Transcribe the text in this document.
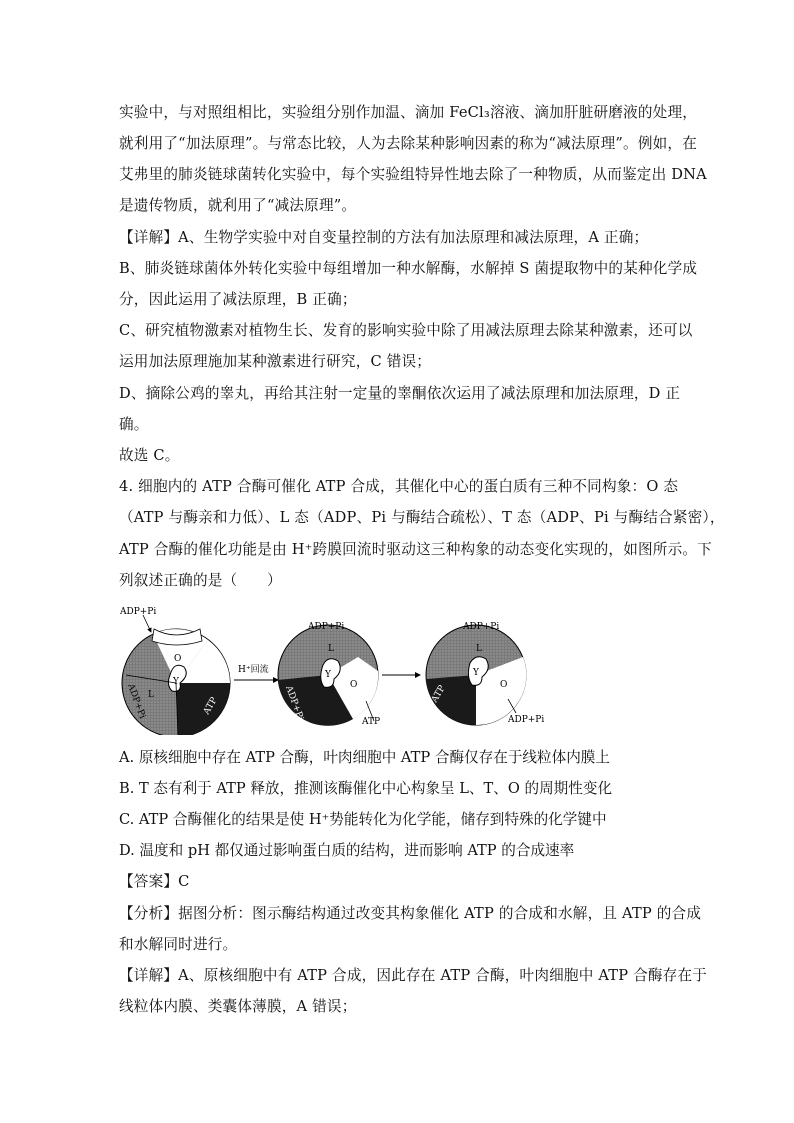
实验中，与对照组相比，实验组分别作加温、滴加 FeCl₃溶液、滴加肝脏研磨液的处理，
就利用了“加法原理”。与常态比较，人为去除某种影响因素的称为“减法原理”。例如，在
艾弗里的肺炎链球菌转化实验中，每个实验组特异性地去除了一种物质，从而鉴定出 DNA
是遗传物质，就利用了“减法原理”。
【详解】A、生物学实验中对自变量控制的方法有加法原理和减法原理，A 正确；
B、肺炎链球菌体外转化实验中每组增加一种水解酶，水解掉 S 菌提取物中的某种化学成
分，因此运用了减法原理，B 正确；
C、研究植物激素对植物生长、发育的影响实验中除了用减法原理去除某种激素，还可以
运用加法原理施加某种激素进行研究，C 错误；
D、摘除公鸡的睾丸，再给其注射一定量的睾酮依次运用了减法原理和加法原理，D 正
确。
故选 C。
4. 细胞内的 ATP 合酶可催化 ATP 合成，其催化中心的蛋白质有三种不同构象：O 态
（ATP 与酶亲和力低）、L 态（ADP、Pi 与酶结合疏松）、T 态（ADP、Pi 与酶结合紧密），
ATP 合酶的催化功能是由 H⁺跨膜回流时驱动这三种构象的动态变化实现的，如图所示。下
列叙述正确的是（　　）
ADP+Pi
O
Y
L
ADP+Pi	ATP
H⁺回流
ADP+Pi
L
Y
O
ADP+Pi	ATP
ADP+Pi
L
Y
O
ATP
ADP+Pi
A. 原核细胞中存在 ATP 合酶，叶肉细胞中 ATP 合酶仅存在于线粒体内膜上
B. T 态有利于 ATP 释放，推测该酶催化中心构象呈 L、T、O 的周期性变化
C. ATP 合酶催化的结果是使 H⁺势能转化为化学能，储存到特殊的化学键中
D. 温度和 pH 都仅通过影响蛋白质的结构，进而影响 ATP 的合成速率
【答案】C
【分析】据图分析：图示酶结构通过改变其构象催化 ATP 的合成和水解，且 ATP 的合成
和水解同时进行。
【详解】A、原核细胞中有 ATP 合成，因此存在 ATP 合酶，叶肉细胞中 ATP 合酶存在于
线粒体内膜、类囊体薄膜，A 错误；
